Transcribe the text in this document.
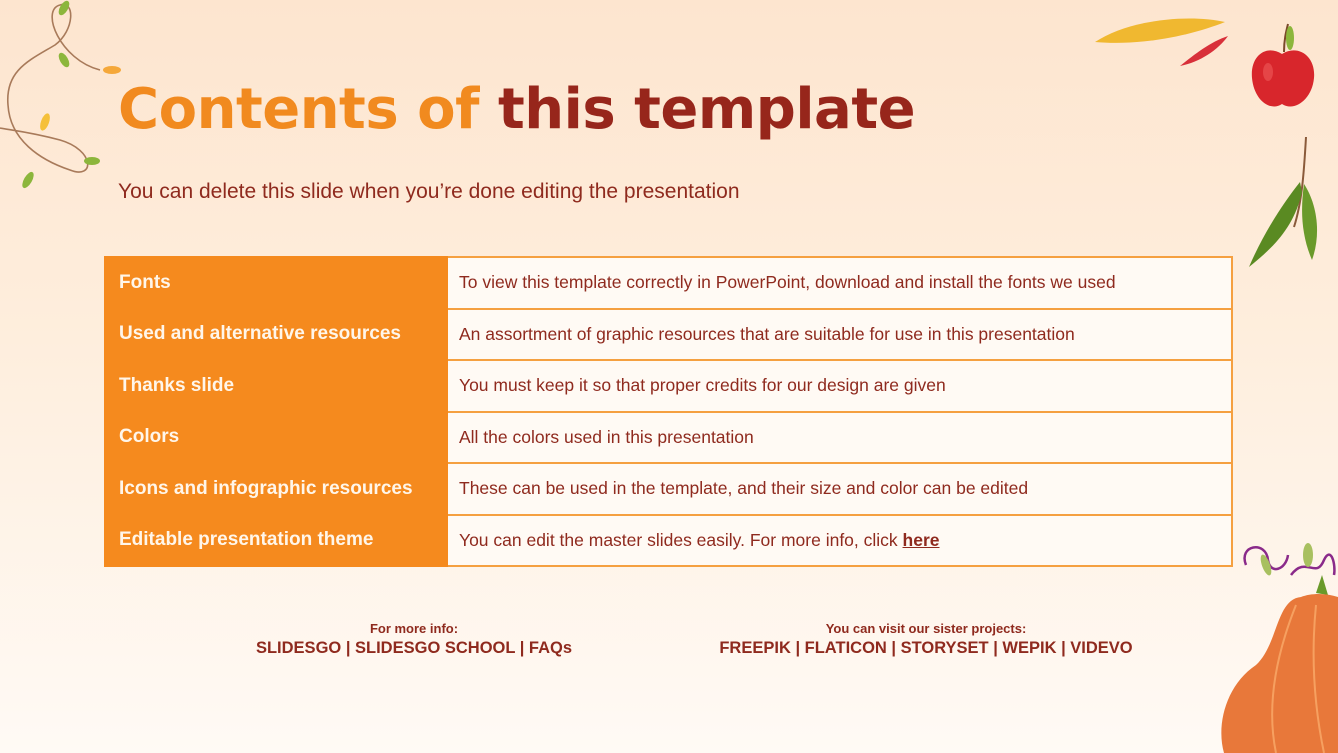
Contents of this template

You can delete this slide when you’re done editing the presentation

Fonts	To view this template correctly in PowerPoint, download and install the fonts we used
Used and alternative resources	An assortment of graphic resources that are suitable for use in this presentation
Thanks slide	You must keep it so that proper credits for our design are given
Colors	All the colors used in this presentation
Icons and infographic resources	These can be used in the template, and their size and color can be edited
Editable presentation theme	You can edit the master slides easily. For more info, click here
For more info:
SLIDESGO | SLIDESGO SCHOOL | FAQs
You can visit our sister projects:
FREEPIK | FLATICON | STORYSET | WEPIK | VIDEVO
